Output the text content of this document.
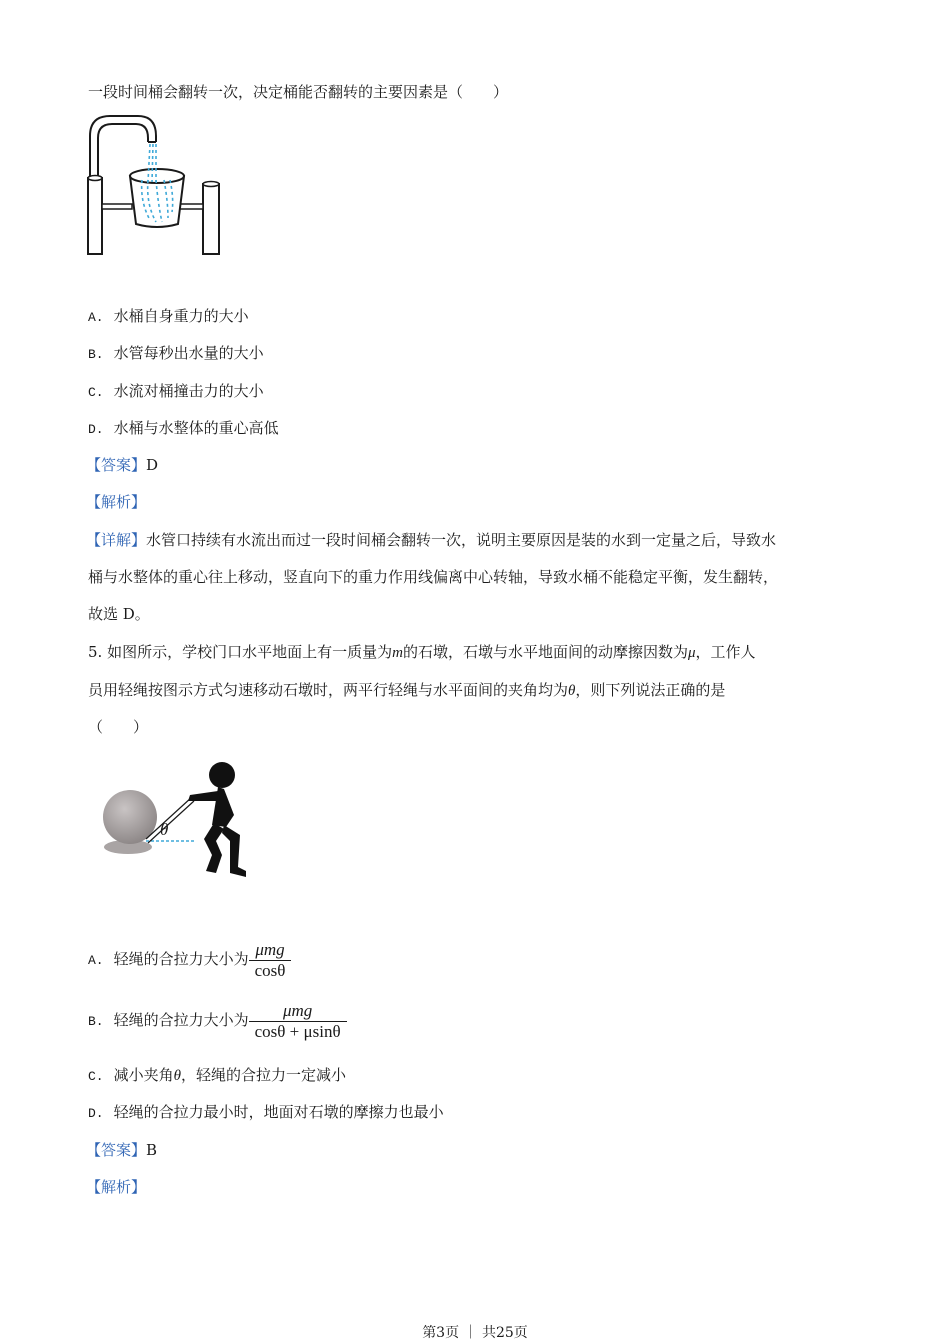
一段时间桶会翻转一次，决定桶能否翻转的主要因素是（　　）
A. 水桶自身重力的大小
B. 水管每秒出水量的大小
C. 水流对桶撞击力的大小
D. 水桶与水整体的重心高低
【答案】D
【解析】
【详解】水管口持续有水流出而过一段时间桶会翻转一次，说明主要原因是装的水到一定量之后，导致水
桶与水整体的重心往上移动，竖直向下的重力作用线偏离中心转轴，导致水桶不能稳定平衡，发生翻转，
故选 D。
5. 如图所示，学校门口水平地面上有一质量为m的石墩，石墩与水平地面间的动摩擦因数为μ，工作人
员用轻绳按图示方式匀速移动石墩时，两平行轻绳与水平面间的夹角均为θ，则下列说法正确的是
（　　）
θ
A. 轻绳的合拉力大小为 $\frac{\text{μmg}}{\cos\theta}$
B. 轻绳的合拉力大小为 $\frac{\text{μmg}}{\cos\theta + \mu\sin\theta}$
C. 减小夹角θ，轻绳的合拉力一定减小
D. 轻绳的合拉力最小时，地面对石墩的摩擦力也最小
【答案】B
【解析】
第3页 ｜ 共25页
